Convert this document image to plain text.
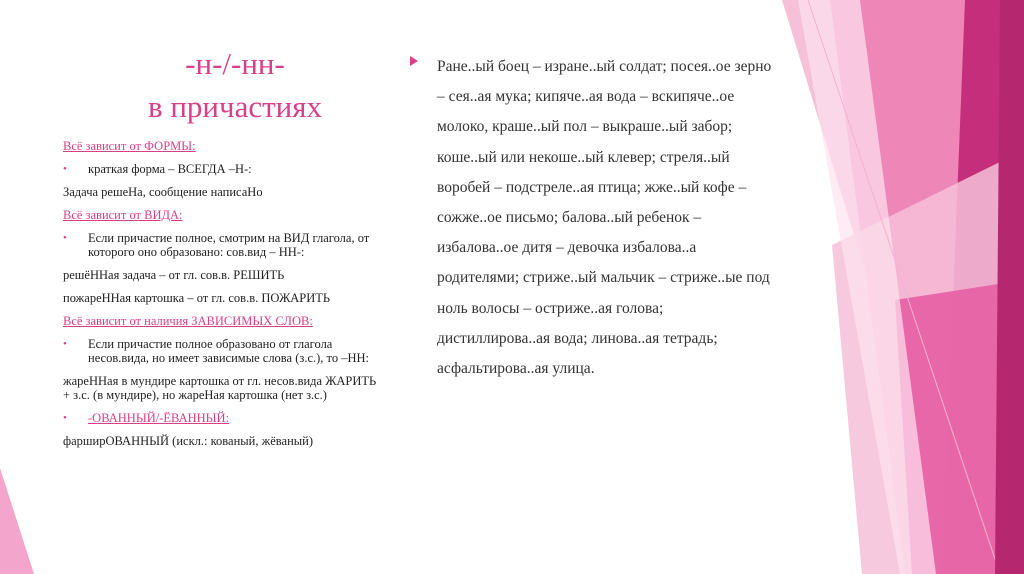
-н-/-нн-
в причастиях
Всё зависит от ФОРМЫ:
• краткая форма – ВСЕГДА –Н-:
Задача решеНа, сообщение написаНо
Всё зависит от ВИДА:
• Если причастие полное, смотрим на ВИД глагола, от которого оно образовано: сов.вид – НН-:
решёННая задача – от гл. сов.в. РЕШИТЬ
пожареННая картошка – от гл. сов.в. ПОЖАРИТЬ
Всё зависит от наличия ЗАВИСИМЫХ СЛОВ:
• Если причастие полное образовано от глагола несов.вида, но имеет зависимые слова (з.с.), то –НН:
жареННая в мундире картошка от гл. несов.вида ЖАРИТЬ + з.с. (в мундире), но жареНая картошка (нет з.с.)
• -ОВАННЫЙ/-ЁВАННЫЙ:
фарширОВАННЫЙ (искл.: кованый, жёваный)
Ране..ый боец – изране..ый солдат; посея..ое зерно – сея..ая мука; кипяче..ая вода – вскипяче..ое молоко, краше..ый пол – выкраше..ый забор; коше..ый или некоше..ый клевер; стреля..ый воробей – подстреле..ая птица; жже..ый кофе – сожже..ое письмо; балова..ый ребенок – избалова..ое дитя – девочка избалова..а родителями; стриже..ый мальчик – стриже..ые под ноль волосы – остриже..ая голова; дистиллирова..ая вода; линова..ая тетрадь; асфальтирова..ая улица.
